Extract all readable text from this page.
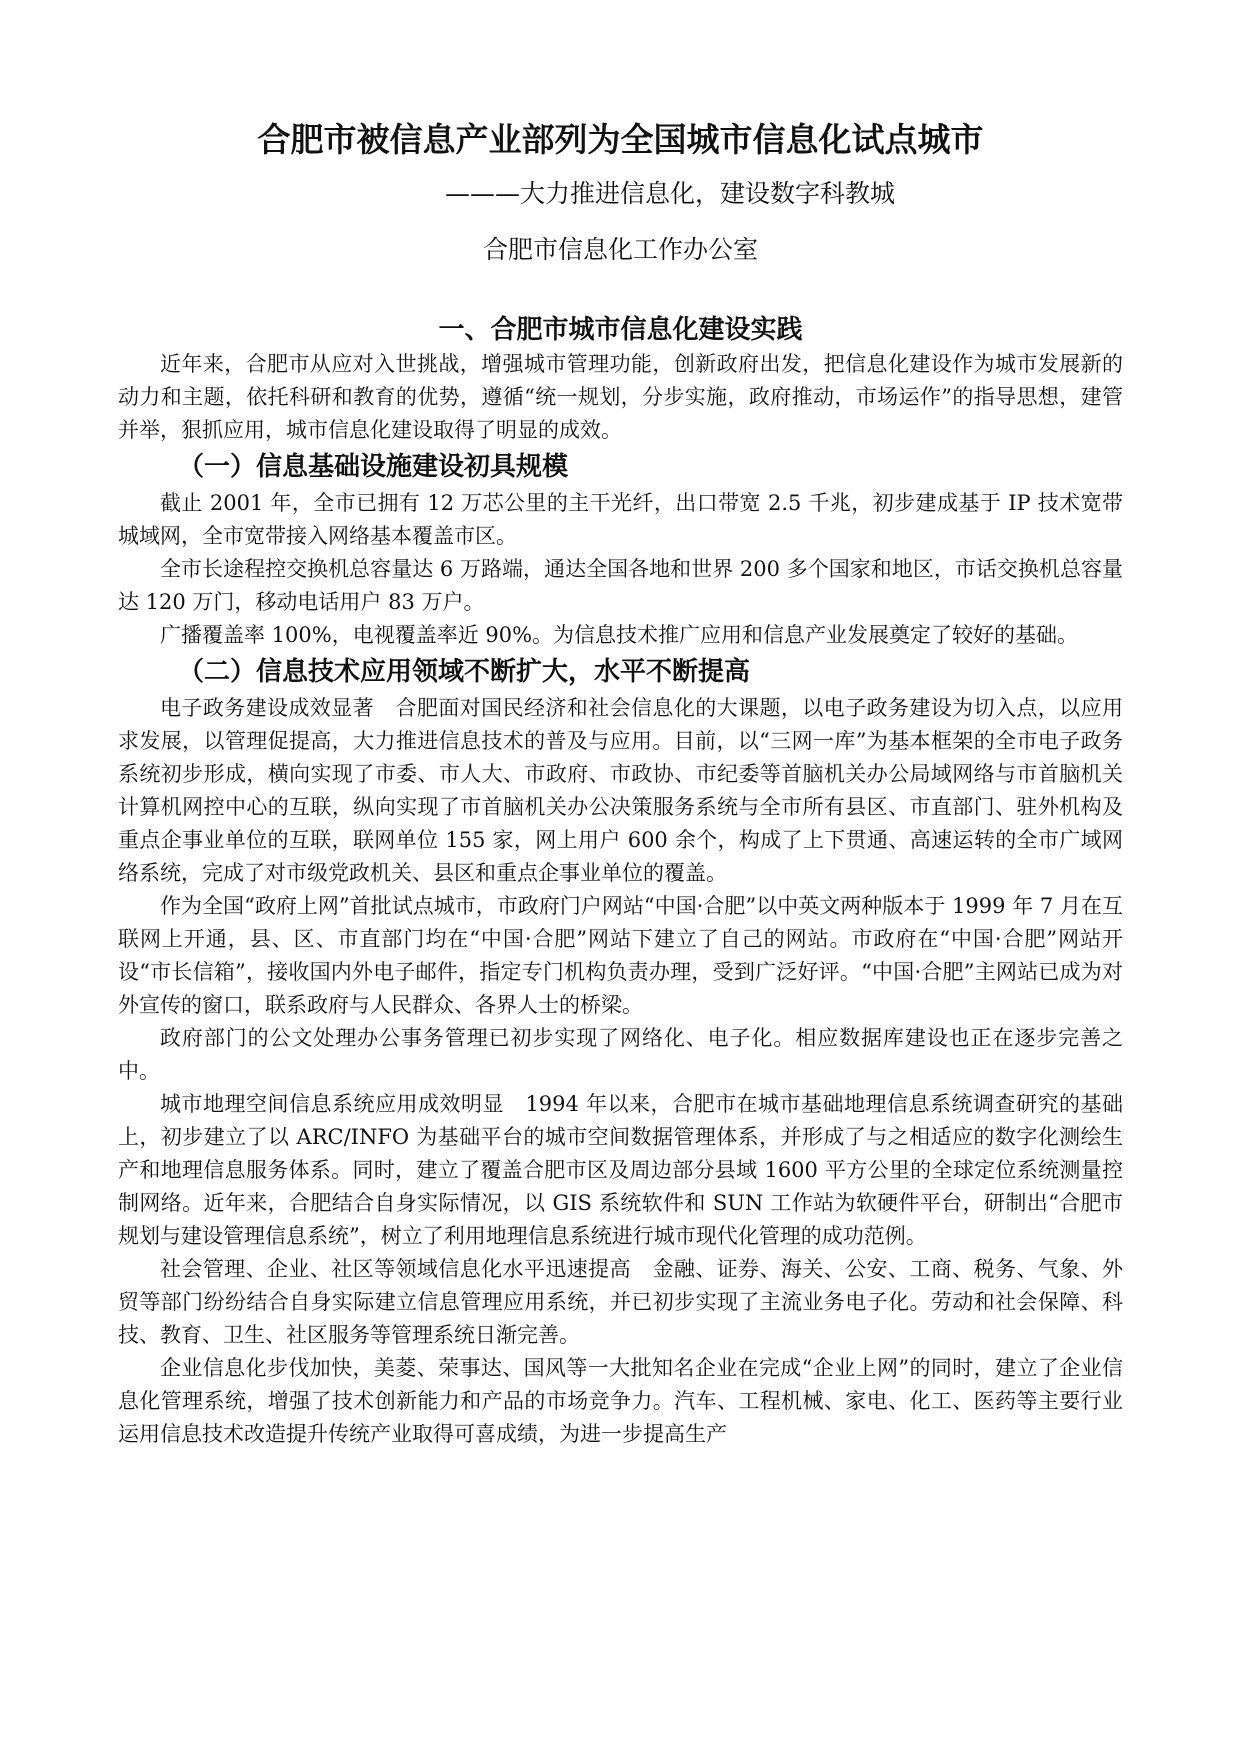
合肥市被信息产业部列为全国城市信息化试点城市
———大力推进信息化，建设数字科教城
合肥市信息化工作办公室
一、合肥市城市信息化建设实践

近年来，合肥市从应对入世挑战，增强城市管理功能，创新政府出发，把信息化建设作为城市发展新的动力和主题，依托科研和教育的优势，遵循“统一规划，分步实施，政府推动，市场运作”的指导思想，建管并举，狠抓应用，城市信息化建设取得了明显的成效。

（一）信息基础设施建设初具规模

截止 2001 年，全市已拥有 12 万芯公里的主干光纤，出口带宽 2.5 千兆，初步建成基于 IP 技术宽带城域网，全市宽带接入网络基本覆盖市区。

全市长途程控交换机总容量达 6 万路端，通达全国各地和世界 200 多个国家和地区，市话交换机总容量达 120 万门，移动电话用户 83 万户。

广播覆盖率 100%，电视覆盖率近 90%。为信息技术推广应用和信息产业发展奠定了较好的基础。

（二）信息技术应用领域不断扩大，水平不断提高

电子政务建设成效显著　合肥面对国民经济和社会信息化的大课题，以电子政务建设为切入点，以应用求发展，以管理促提高，大力推进信息技术的普及与应用。目前，以“三网一库”为基本框架的全市电子政务系统初步形成，横向实现了市委、市人大、市政府、市政协、市纪委等首脑机关办公局域网络与市首脑机关计算机网控中心的互联，纵向实现了市首脑机关办公决策服务系统与全市所有县区、市直部门、驻外机构及重点企事业单位的互联，联网单位 155 家，网上用户 600 余个，构成了上下贯通、高速运转的全市广域网络系统，完成了对市级党政机关、县区和重点企事业单位的覆盖。

作为全国“政府上网”首批试点城市，市政府门户网站“中国·合肥”以中英文两种版本于 1999 年 7 月在互联网上开通，县、区、市直部门均在“中国·合肥”网站下建立了自己的网站。市政府在“中国·合肥”网站开设“市长信箱”，接收国内外电子邮件，指定专门机构负责办理，受到广泛好评。“中国·合肥”主网站已成为对外宣传的窗口，联系政府与人民群众、各界人士的桥梁。

政府部门的公文处理办公事务管理已初步实现了网络化、电子化。相应数据库建设也正在逐步完善之中。

城市地理空间信息系统应用成效明显　1994 年以来，合肥市在城市基础地理信息系统调查研究的基础上，初步建立了以 ARC/INFO 为基础平台的城市空间数据管理体系，并形成了与之相适应的数字化测绘生产和地理信息服务体系。同时，建立了覆盖合肥市区及周边部分县域 1600 平方公里的全球定位系统测量控制网络。近年来，合肥结合自身实际情况，以 GIS 系统软件和 SUN 工作站为软硬件平台，研制出“合肥市规划与建设管理信息系统”，树立了利用地理信息系统进行城市现代化管理的成功范例。

社会管理、企业、社区等领域信息化水平迅速提高　金融、证券、海关、公安、工商、税务、气象、外贸等部门纷纷结合自身实际建立信息管理应用系统，并已初步实现了主流业务电子化。劳动和社会保障、科技、教育、卫生、社区服务等管理系统日渐完善。

企业信息化步伐加快，美菱、荣事达、国风等一大批知名企业在完成“企业上网”的同时，建立了企业信息化管理系统，增强了技术创新能力和产品的市场竞争力。汽车、工程机械、家电、化工、医药等主要行业运用信息技术改造提升传统产业取得可喜成绩，为进一步提高生产
